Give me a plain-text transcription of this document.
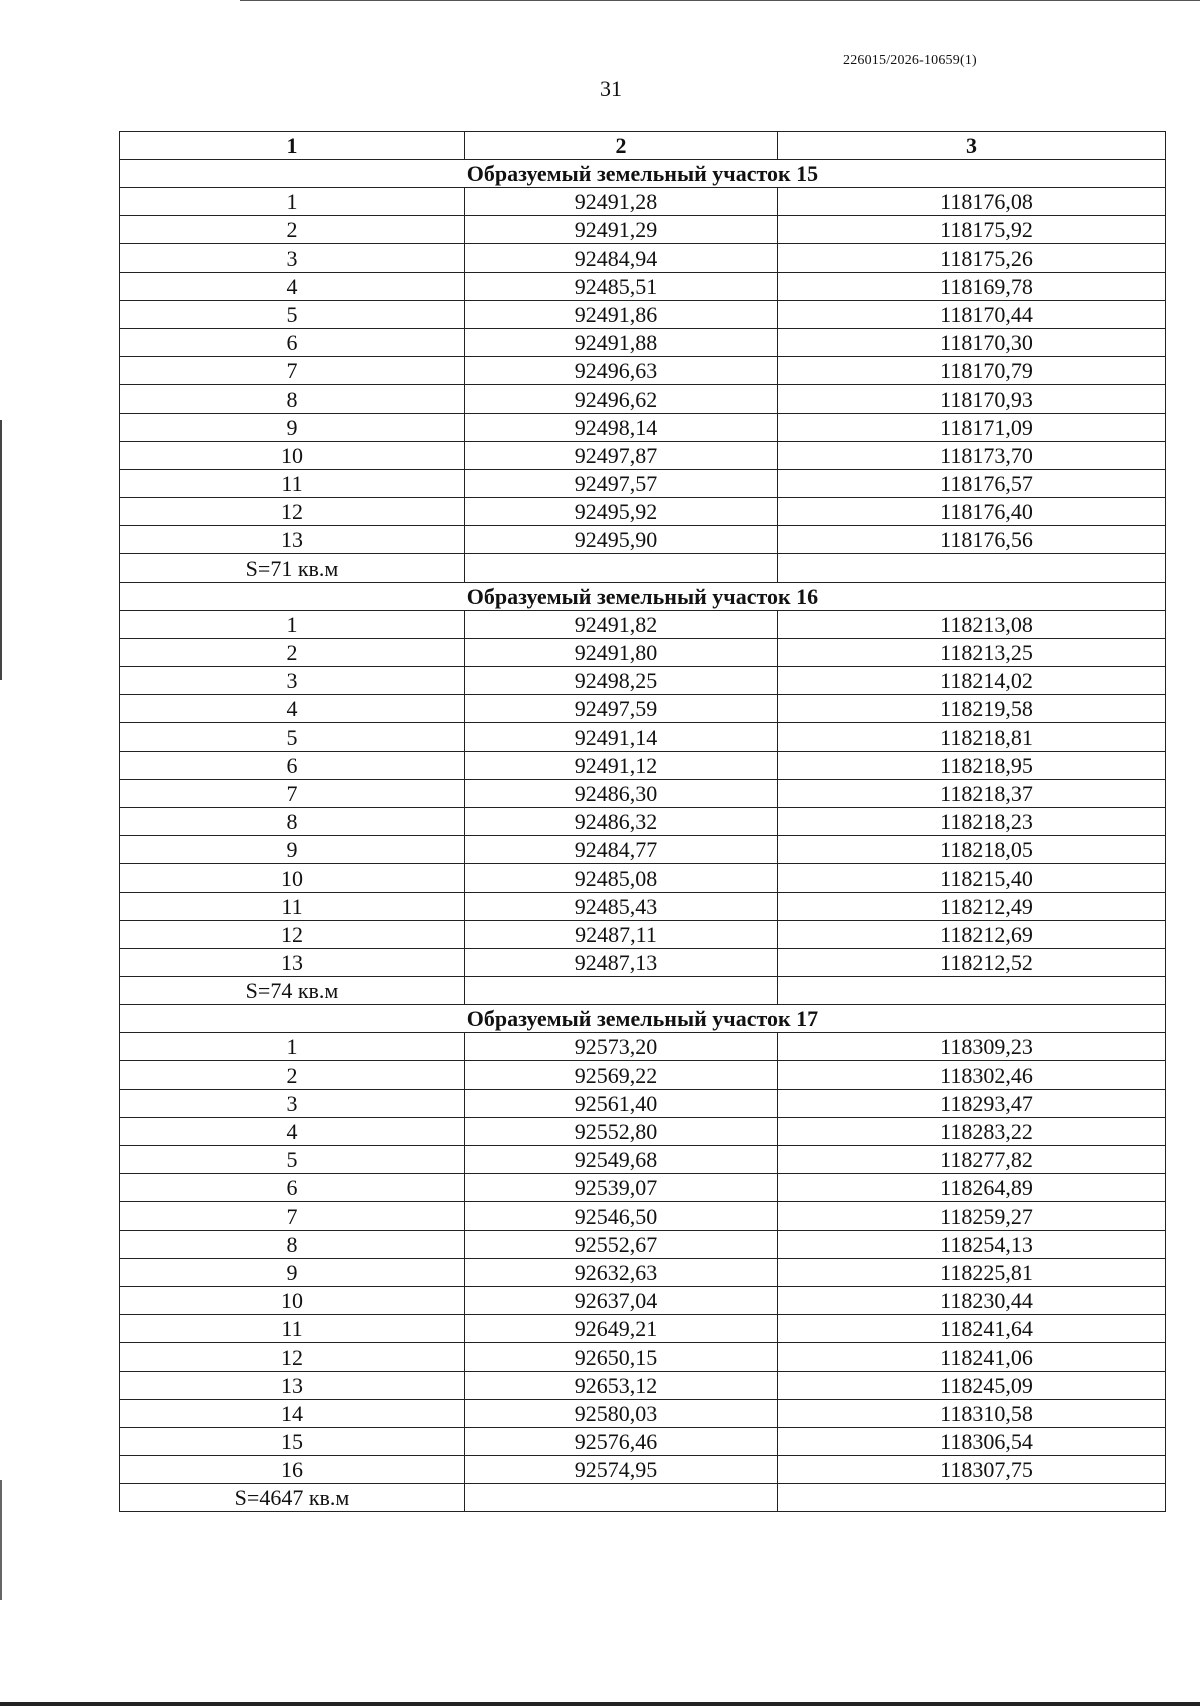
226015/2026-10659(1)
31
1	2	3
Образуемый земельный участок 15		
1	92491,28	118176,08
2	92491,29	118175,92
3	92484,94	118175,26
4	92485,51	118169,78
5	92491,86	118170,44
6	92491,88	118170,30
7	92496,63	118170,79
8	92496,62	118170,93
9	92498,14	118171,09
10	92497,87	118173,70
11	92497,57	118176,57
12	92495,92	118176,40
13	92495,90	118176,56
S=71 кв.м		
Образуемый земельный участок 16		
1	92491,82	118213,08
2	92491,80	118213,25
3	92498,25	118214,02
4	92497,59	118219,58
5	92491,14	118218,81
6	92491,12	118218,95
7	92486,30	118218,37
8	92486,32	118218,23
9	92484,77	118218,05
10	92485,08	118215,40
11	92485,43	118212,49
12	92487,11	118212,69
13	92487,13	118212,52
S=74 кв.м		
Образуемый земельный участок 17		
1	92573,20	118309,23
2	92569,22	118302,46
3	92561,40	118293,47
4	92552,80	118283,22
5	92549,68	118277,82
6	92539,07	118264,89
7	92546,50	118259,27
8	92552,67	118254,13
9	92632,63	118225,81
10	92637,04	118230,44
11	92649,21	118241,64
12	92650,15	118241,06
13	92653,12	118245,09
14	92580,03	118310,58
15	92576,46	118306,54
16	92574,95	118307,75
S=4647 кв.м		
